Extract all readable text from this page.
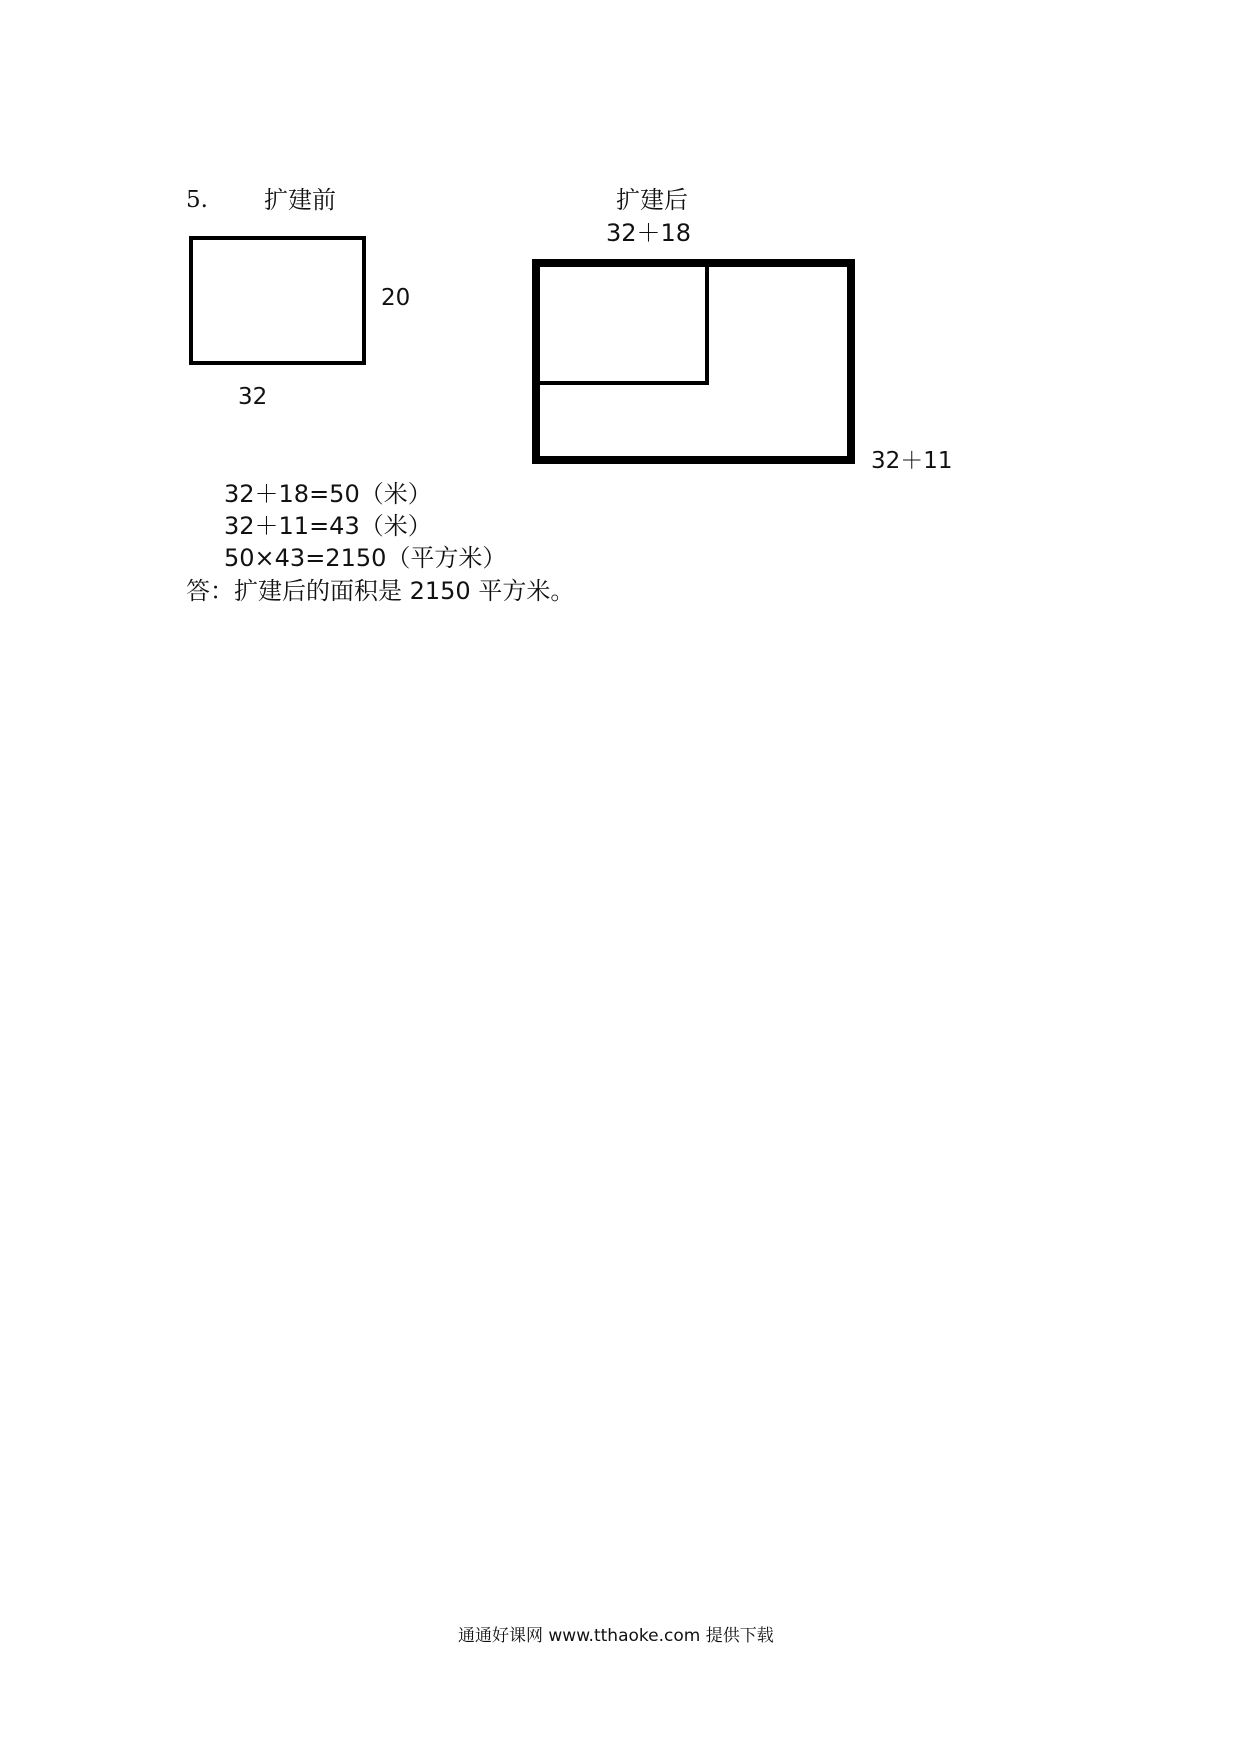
5. 扩建前	扩建后
20
32
32＋18
32＋11
32＋18=50（米）
32＋11=43（米）
50×43=2150（平方米）
答：扩建后的面积是 2150 平方米。
通通好课网 www.tthaoke.com 提供下载
